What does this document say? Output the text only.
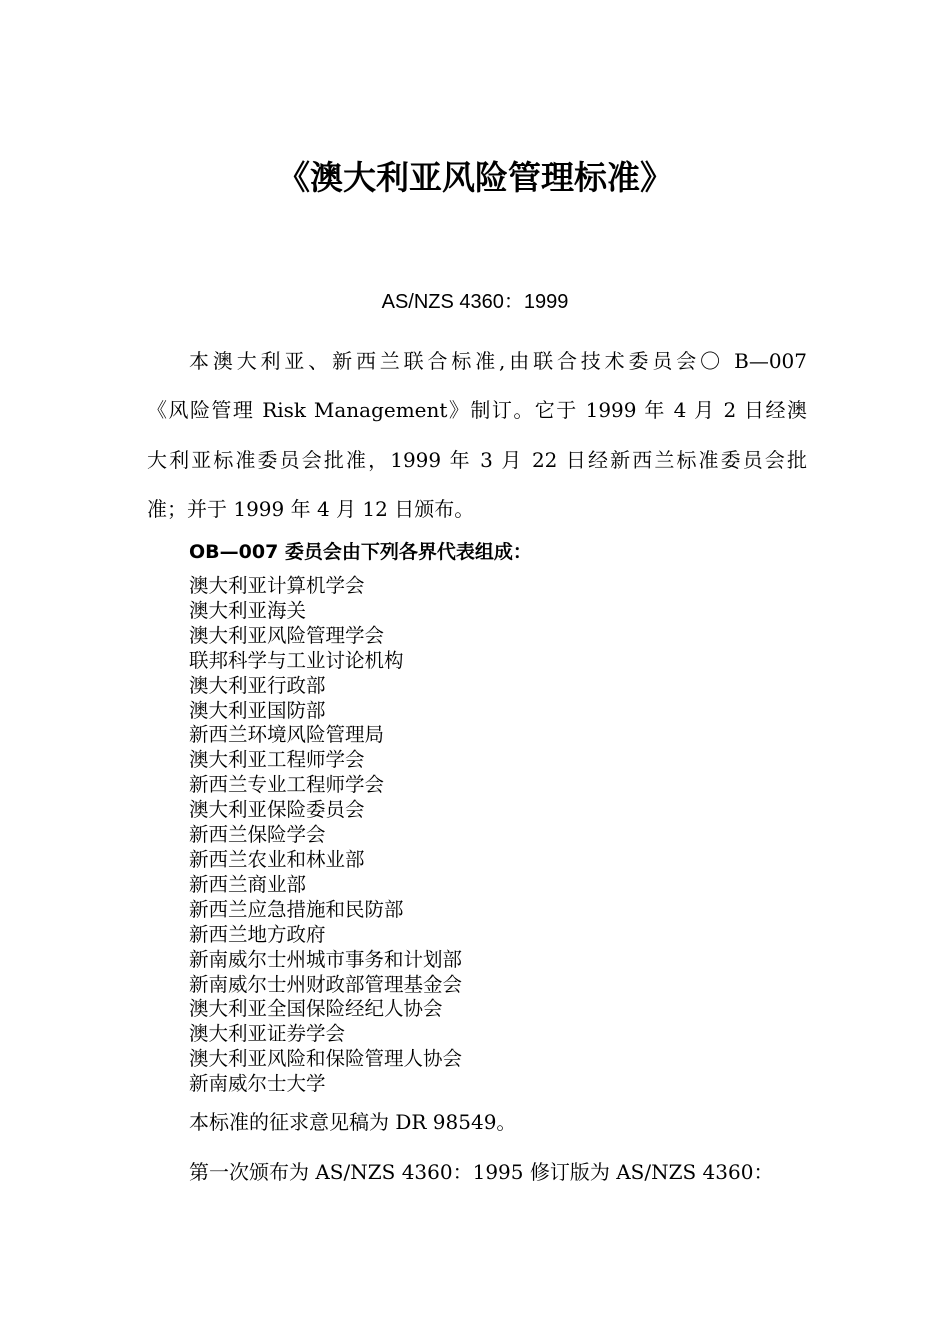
《澳大利亚风险管理标准》
AS/NZS 4360：1999
本澳大利亚、新西兰联合标准,由联合技术委员会〇 B—007
《风险管理 Risk Management》制订。它于 1999 年 4 月 2 日经澳
大利亚标准委员会批准，1999 年 3 月 22 日经新西兰标准委员会批
准；并于 1999 年 4 月 12 日颁布。
OB—007 委员会由下列各界代表组成：
澳大利亚计算机学会
澳大利亚海关
澳大利亚风险管理学会
联邦科学与工业讨论机构
澳大利亚行政部
澳大利亚国防部
新西兰环境风险管理局
澳大利亚工程师学会
新西兰专业工程师学会
澳大利亚保险委员会
新西兰保险学会
新西兰农业和林业部
新西兰商业部
新西兰应急措施和民防部
新西兰地方政府
新南威尔士州城市事务和计划部
新南威尔士州财政部管理基金会
澳大利亚全国保险经纪人协会
澳大利亚证券学会
澳大利亚风险和保险管理人协会
新南威尔士大学
本标准的征求意见稿为 DR 98549。
第一次颁布为 AS/NZS 4360：1995 修订版为 AS/NZS 4360：
